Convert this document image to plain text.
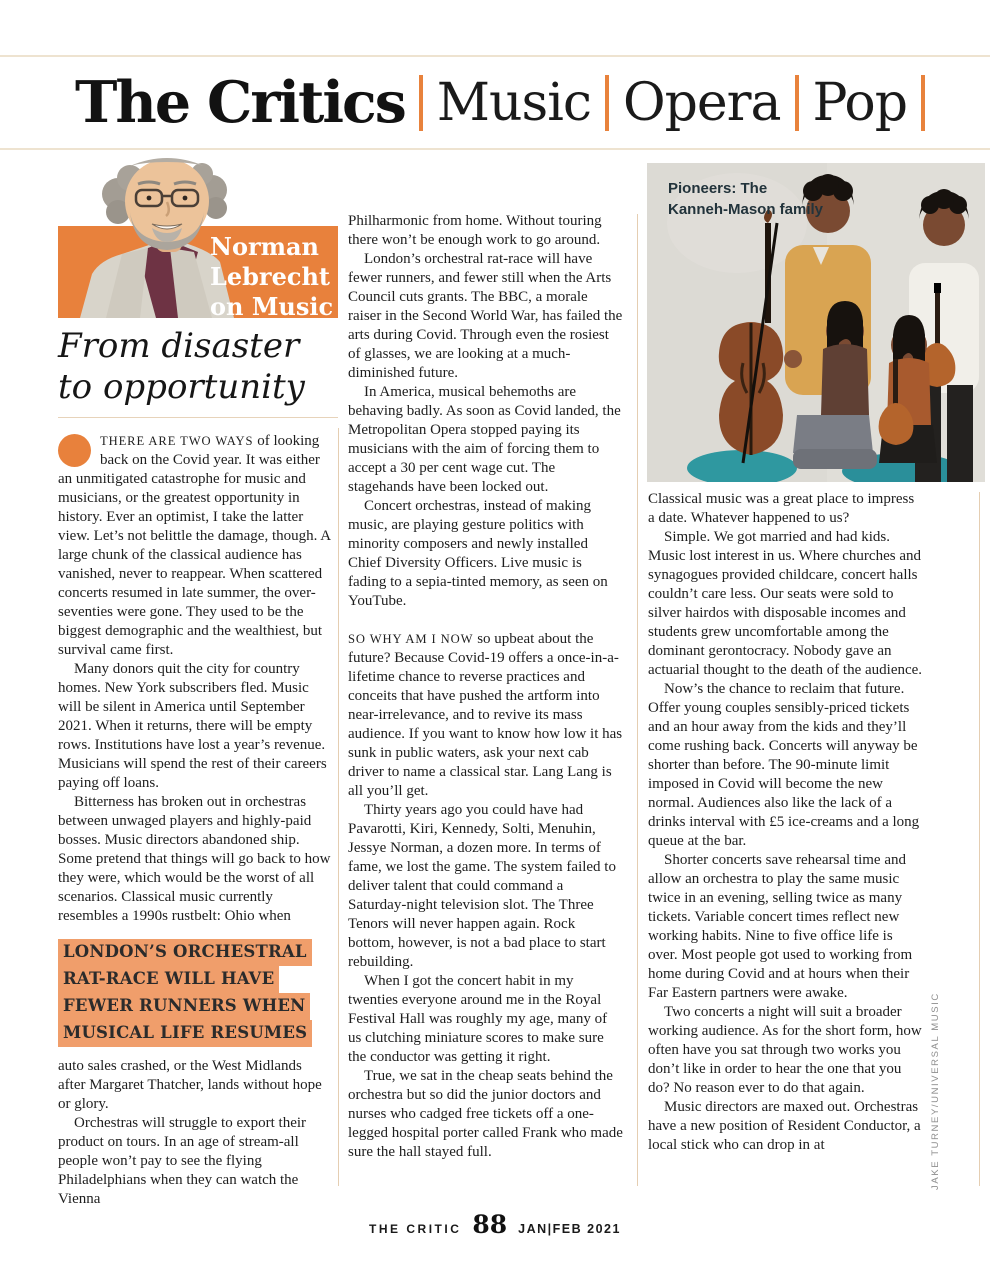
The Critics Music Opera Pop
Norman
Lebrecht
on Music
From disaster
to opportunity

THERE ARE TWO WAYS of looking back on the Covid year. It was either an unmitigated catastrophe for music and musicians, or the greatest opportunity in history. Ever an optimist, I take the latter view. Let’s not belittle the damage, though. A large chunk of the classical audience has vanished, never to reappear. When scattered concerts resumed in late summer, the over-seventies were gone. They used to be the biggest demographic and the wealthiest, but survival came first.

Many donors quit the city for country homes. New York subscribers fled. Music will be silent in America until September 2021. When it returns, there will be empty rows. Institutions have lost a year’s revenue. Musicians will spend the rest of their careers paying off loans.

Bitterness has broken out in orchestras between unwaged players and highly-paid bosses. Music directors abandoned ship. Some pretend that things will go back to how they were, which would be the worst of all scenarios. Classical music currently resembles a 1990s rustbelt: Ohio when

LONDON’S ORCHESTRAL
RAT-RACE WILL HAVE
FEWER RUNNERS WHEN
MUSICAL LIFE RESUMES

auto sales crashed, or the West Midlands after Margaret Thatcher, lands without hope or glory.

Orchestras will struggle to export their product on tours. In an age of stream-all people won’t pay to see the flying Philadelphians when they can watch the Vienna

Philharmonic from home. Without touring there won’t be enough work to go around.

London’s orchestral rat-race will have fewer runners, and fewer still when the Arts Council cuts grants. The BBC, a morale raiser in the Second World War, has failed the arts during Covid. Through even the rosiest of glasses, we are looking at a much-diminished future.

In America, musical behemoths are behaving badly. As soon as Covid landed, the Metropolitan Opera stopped paying its musicians with the aim of forcing them to accept a 30 per cent wage cut. The stagehands have been locked out.

Concert orchestras, instead of making music, are playing gesture politics with minority composers and newly installed Chief Diversity Officers. Live music is fading to a sepia-tinted memory, as seen on YouTube.

SO WHY AM I NOW so upbeat about the future? Because Covid-19 offers a once-in-a-lifetime chance to reverse practices and conceits that have pushed the artform into near-irrelevance, and to revive its mass audience. If you want to know how low it has sunk in public waters, ask your next cab driver to name a classical star. Lang Lang is all you’ll get.

Thirty years ago you could have had Pavarotti, Kiri, Kennedy, Solti, Menuhin, Jessye Norman, a dozen more. In terms of fame, we lost the game. The system failed to deliver talent that could command a Saturday-night television slot. The Three Tenors will never happen again. Rock bottom, however, is not a bad place to start rebuilding.

When I got the concert habit in my twenties everyone around me in the Royal Festival Hall was roughly my age, many of us clutching miniature scores to make sure the conductor was getting it right.

True, we sat in the cheap seats behind the orchestra but so did the junior doctors and nurses who cadged free tickets off a one-legged hospital porter called Frank who made sure the hall stayed full.

Pioneers: The
Kanneh-Mason family
JAKE TURNEY/UNIVERSAL MUSIC

Classical music was a great place to impress a date. Whatever happened to us?

Simple. We got married and had kids. Music lost interest in us. Where churches and synagogues provided childcare, concert halls couldn’t care less. Our seats were sold to silver hairdos with disposable incomes and students grew uncomfortable among the dominant gerontocracy. Nobody gave an actuarial thought to the death of the audience.

Now’s the chance to reclaim that future. Offer young couples sensibly-priced tickets and an hour away from the kids and they’ll come rushing back. Concerts will anyway be shorter than before. The 90-minute limit imposed in Covid will become the new normal. Audiences also like the lack of a drinks interval with £5 ice-creams and a long queue at the bar.

Shorter concerts save rehearsal time and allow an orchestra to play the same music twice in an evening, selling twice as many tickets. Variable concert times reflect new working habits. Nine to five office life is over. Most people got used to working from home during Covid and at hours when their Far Eastern partners were awake.

Two concerts a night will suit a broader working audience. As for the short form, how often have you sat through two works you don’t like in order to hear the one that you do? No reason ever to do that again.

Music directors are maxed out. Orchestras have a new position of Resident Conductor, a local stick who can drop in at

THE CRITIC 88 JAN|FEB 2021
